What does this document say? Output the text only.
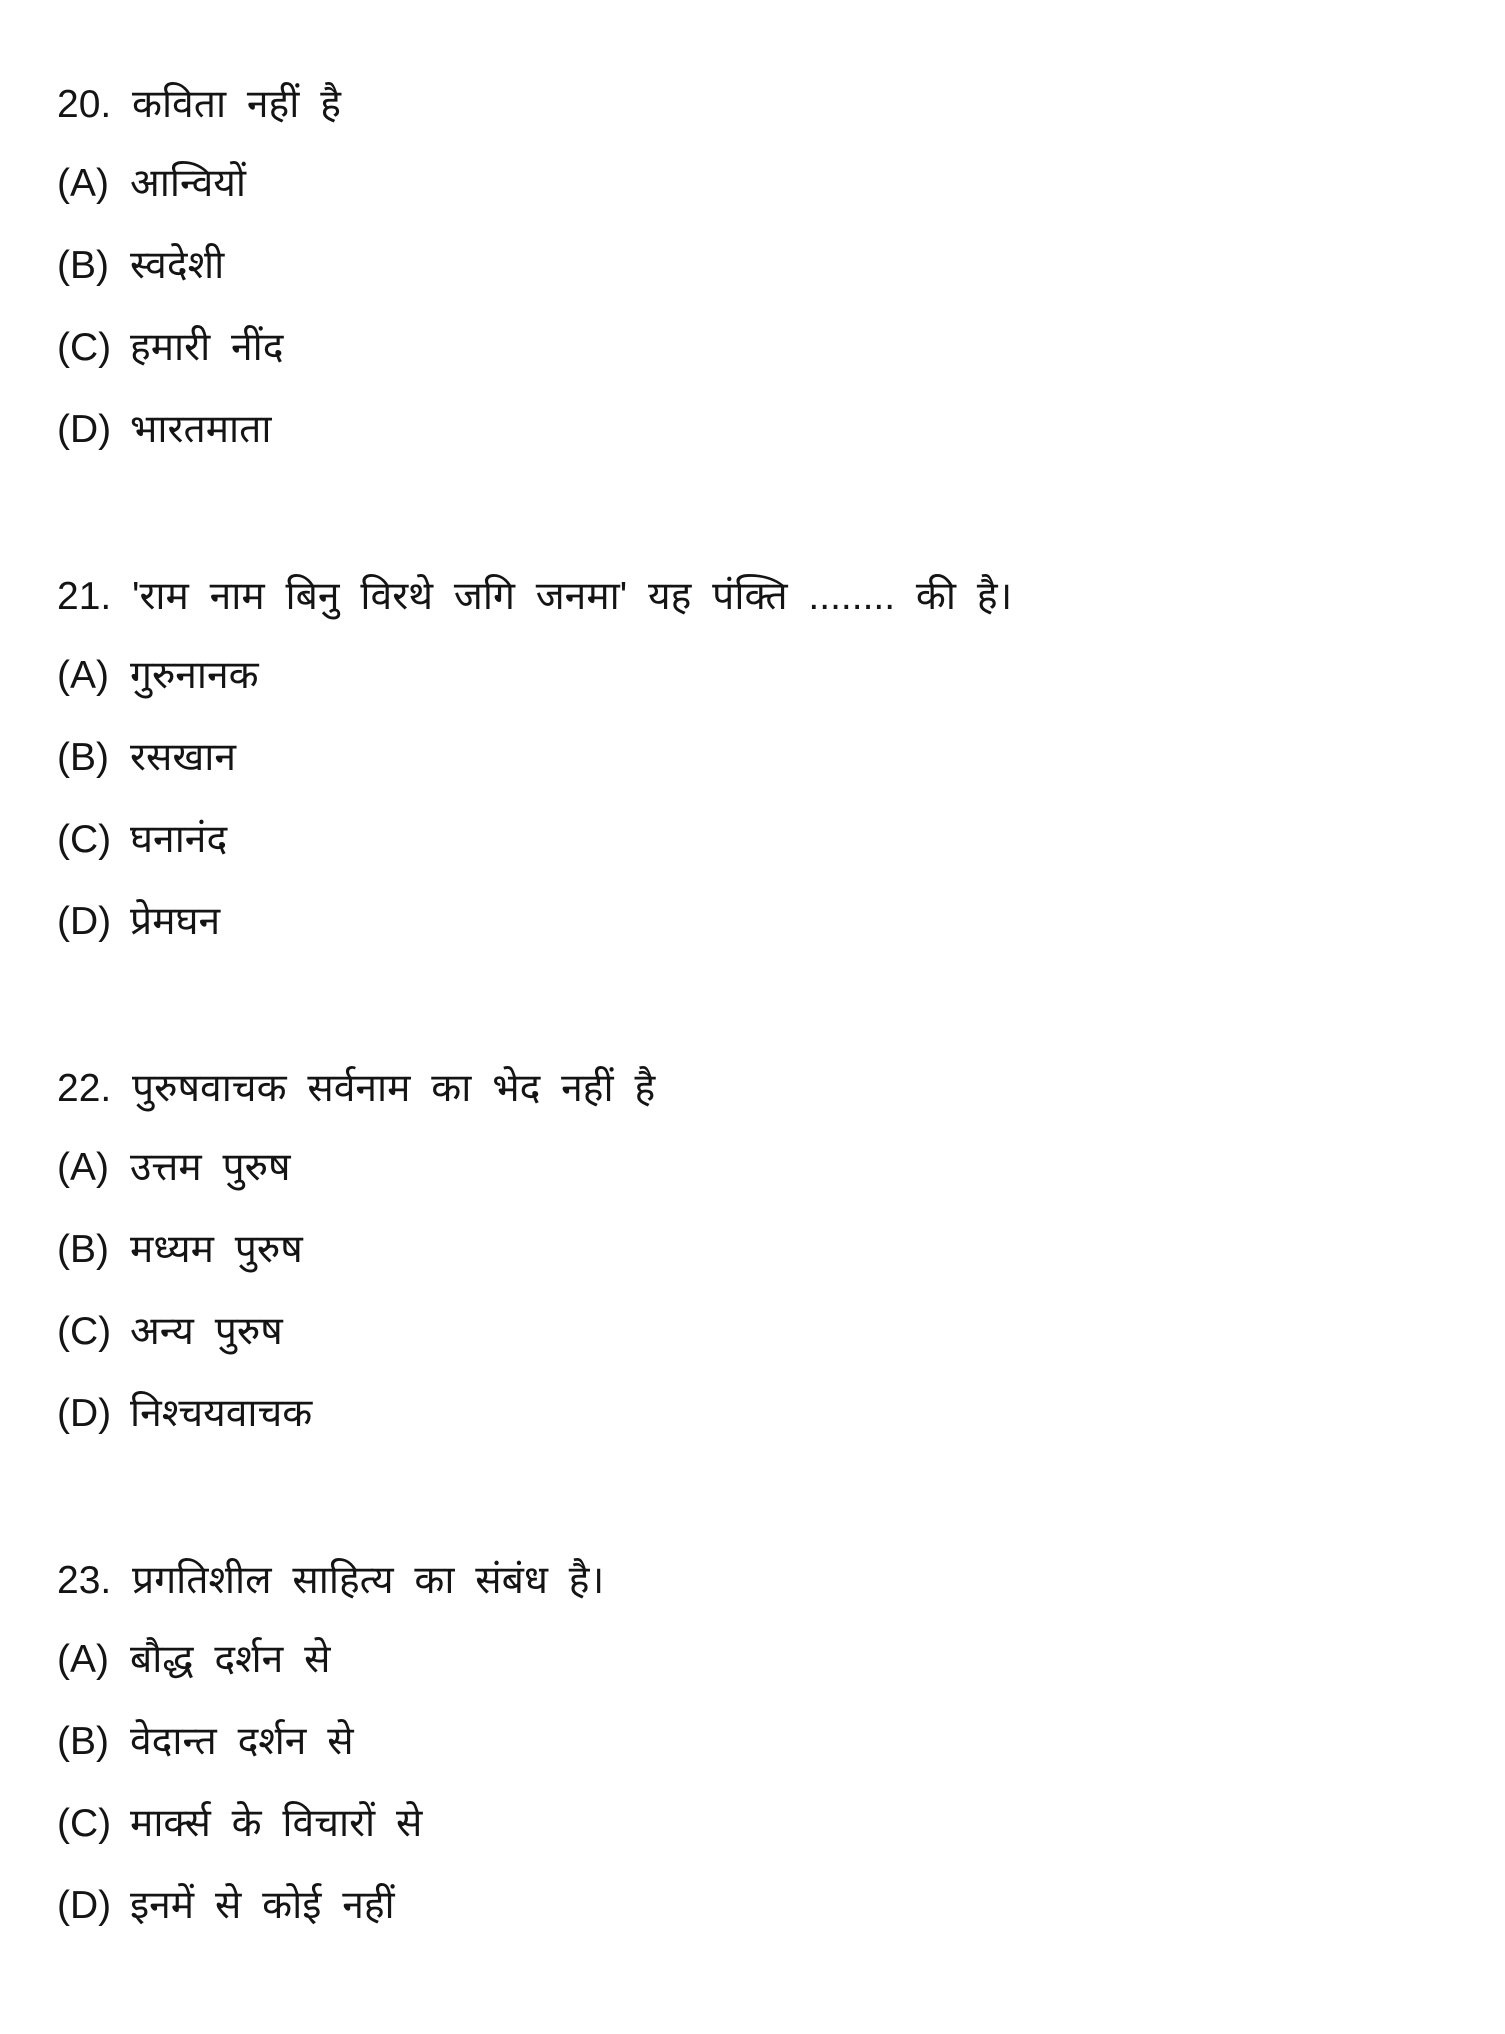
20. कविता नहीं है
(A) आन्वियों
(B) स्वदेशी
(C) हमारी नींद
(D) भारतमाता
21. 'राम नाम बिनु विरथे जगि जनमा' यह पंक्ति ........ की है।
(A) गुरुनानक
(B) रसखान
(C) घनानंद
(D) प्रेमघन
22. पुरुषवाचक सर्वनाम का भेद नहीं है
(A) उत्तम पुरुष
(B) मध्यम पुरुष
(C) अन्य पुरुष
(D) निश्चयवाचक
23. प्रगतिशील साहित्य का संबंध है।
(A) बौद्ध दर्शन से
(B) वेदान्त दर्शन से
(C) मार्क्स के विचारों से
(D) इनमें से कोई नहीं
